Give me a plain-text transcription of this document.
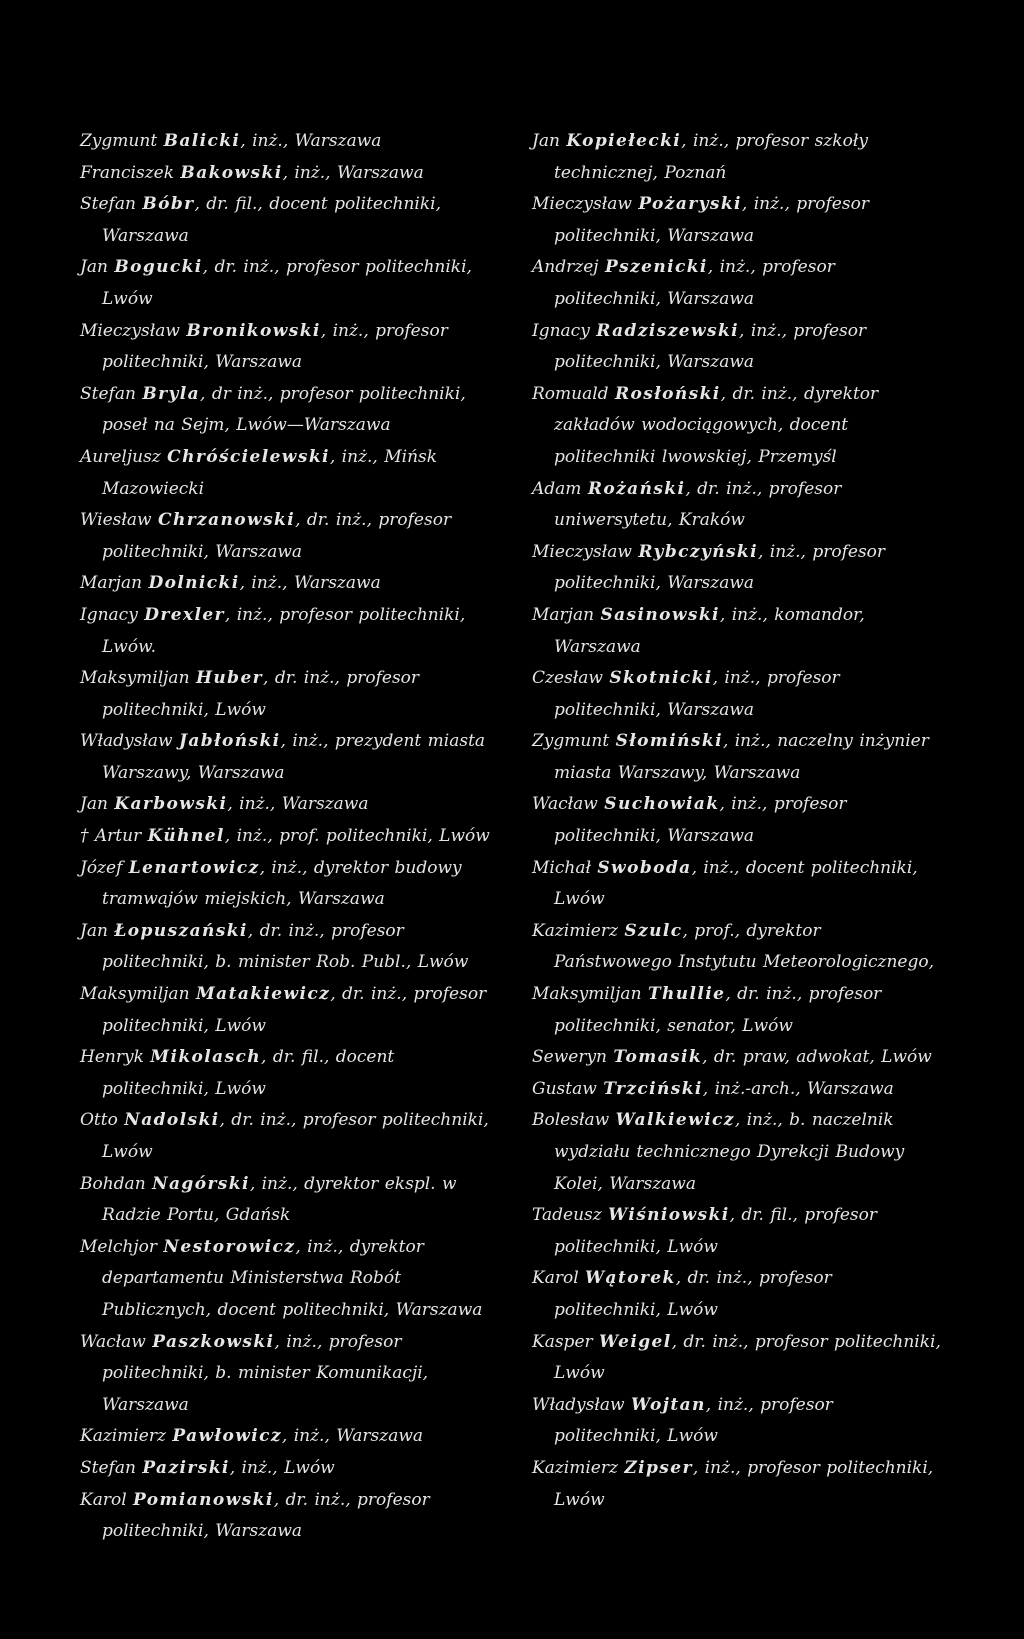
Zygmunt Balicki, inż., Warszawa
Franciszek Bakowski, inż., Warszawa
Stefan Bóbr, dr. fil., docent politechniki, Warszawa
Jan Bogucki, dr. inż., profesor politechniki, Lwów
Mieczysław Bronikowski, inż., profesor politechniki, Warszawa
Stefan Bryla, dr inż., profesor politechniki, poseł na Sejm, Lwów—Warszawa
Aureljusz Chróścielewski, inż., Mińsk Mazowiecki
Wiesław Chrzanowski, dr. inż., profesor politechniki, Warszawa
Marjan Dolnicki, inż., Warszawa
Ignacy Drexler, inż., profesor politechniki, Lwów.
Maksymiljan Huber, dr. inż., profesor politechniki, Lwów
Władysław Jabłoński, inż., prezydent miasta Warszawy, Warszawa
Jan Karbowski, inż., Warszawa
† Artur Kühnel, inż., prof. politechniki, Lwów
Józef Lenartowicz, inż., dyrektor budowy tramwajów miejskich, Warszawa
Jan Łopuszański, dr. inż., profesor politechniki, b. minister Rob. Publ., Lwów
Maksymiljan Matakiewicz, dr. inż., profesor politechniki, Lwów
Henryk Mikolasch, dr. fil., docent politechniki, Lwów
Otto Nadolski, dr. inż., profesor politechniki, Lwów
Bohdan Nagórski, inż., dyrektor ekspl. w Radzie Portu, Gdańsk
Melchjor Nestorowicz, inż., dyrektor departamentu Ministerstwa Robót Publicznych, docent politechniki, Warszawa
Wacław Paszkowski, inż., profesor politechniki, b. minister Komunikacji, Warszawa
Kazimierz Pawłowicz, inż., Warszawa
Stefan Pazirski, inż., Lwów
Karol Pomianowski, dr. inż., profesor politechniki, Warszawa
Jan Kopiełecki, inż., profesor szkoły technicznej, Poznań
Mieczysław Pożaryski, inż., profesor politechniki, Warszawa
Andrzej Pszenicki, inż., profesor politechniki, Warszawa
Ignacy Radziszewski, inż., profesor politechniki, Warszawa
Romuald Rosłoński, dr. inż., dyrektor zakładów wodociągowych, docent politechniki lwowskiej, Przemyśl
Adam Rożański, dr. inż., profesor uniwersytetu, Kraków
Mieczysław Rybczyński, inż., profesor politechniki, Warszawa
Marjan Sasinowski, inż., komandor, Warszawa
Czesław Skotnicki, inż., profesor politechniki, Warszawa
Zygmunt Słomiński, inż., naczelny inżynier miasta Warszawy, Warszawa
Wacław Suchowiak, inż., profesor politechniki, Warszawa
Michał Swoboda, inż., docent politechniki, Lwów
Kazimierz Szulc, prof., dyrektor Państwowego Instytutu Meteorologicznego,
Maksymiljan Thullie, dr. inż., profesor politechniki, senator, Lwów
Seweryn Tomasik, dr. praw, adwokat, Lwów
Gustaw Trzciński, inż.-arch., Warszawa
Bolesław Walkiewicz, inż., b. naczelnik wydziału technicznego Dyrekcji Budowy Kolei, Warszawa
Tadeusz Wiśniowski, dr. fil., profesor politechniki, Lwów
Karol Wątorek, dr. inż., profesor politechniki, Lwów
Kasper Weigel, dr. inż., profesor politechniki, Lwów
Władysław Wojtan, inż., profesor politechniki, Lwów
Kazimierz Zipser, inż., profesor politechniki, Lwów
